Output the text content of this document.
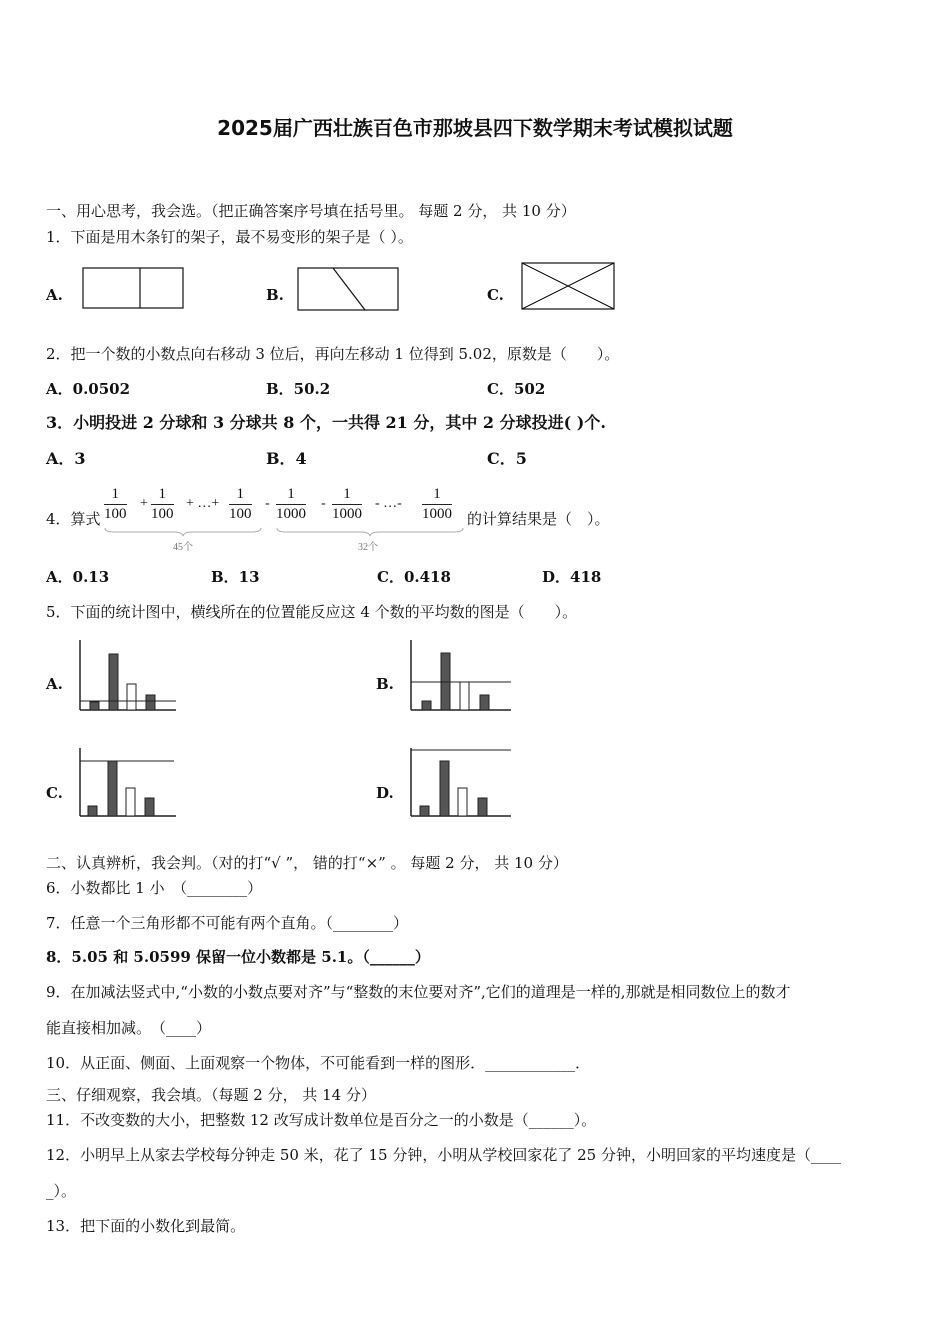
2025届广西壮族百色市那坡县四下数学期末考试模拟试题
一、用心思考，我会选。（把正确答案序号填在括号里。 每题 2 分， 共 10 分）
1．下面是用木条钉的架子，最不易变形的架子是（ ）。
A.	B.	C.
2．把一个数的小数点向右移动 3 位后，再向左移动 1 位得到 5.02，原数是（　　）。
A．0.0502	B．50.2	C．502
3．小明投进 2 分球和 3 分球共 8 个，一共得 21 分，其中 2 分球投进( )个.
A．3	B．4	C．5
4．算式 $\frac{1}{100} + \frac{1}{100}$ + …+ $\frac{1}{100} - \frac{1}{1000} - \frac{1}{1000}$ - …- $\frac{1}{1000}$
45个	32个
的计算结果是（　）。
A．0.13	B．13	C．0.418	D．418
5．下面的统计图中，横线所在的位置能反应这 4 个数的平均数的图是（　　）。
A.	B.
C.	D.
二、认真辨析，我会判。（对的打“√ ”， 错的打“×” 。 每题 2 分， 共 10 分）
6．小数都比 1 小　（________）
7．任意一个三角形都不可能有两个直角。（________）
8．5.05 和 5.0599 保留一位小数都是 5.1。（______）
9．在加减法竖式中,“小数的小数点要对齐”与“整数的末位要对齐”,它们的道理是一样的,那就是相同数位上的数才
能直接相加减。　（____）
10．从正面、侧面、上面观察一个物体，不可能看到一样的图形．____________．
三、仔细观察，我会填。（每题 2 分， 共 14 分）
11．不改变数的大小，把整数 12 改写成计数单位是百分之一的小数是（______）。
12．小明早上从家去学校每分钟走 50 米，花了 15 分钟，小明从学校回家花了 25 分钟，小明回家的平均速度是（____
_）。
13．把下面的小数化到最简。
